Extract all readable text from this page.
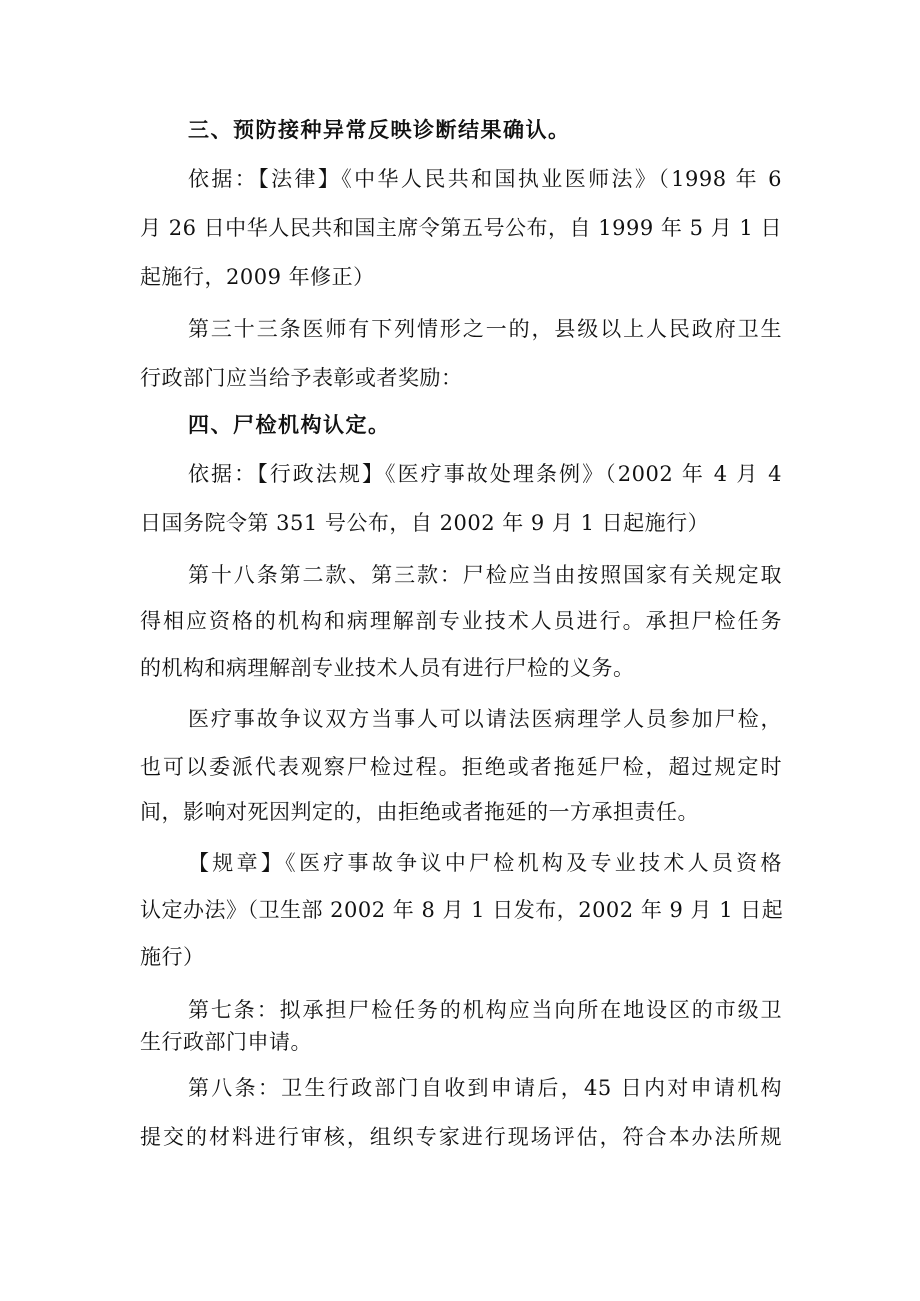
三、预防接种异常反映诊断结果确认。
依据：【法律】《中华人民共和国执业医师法》（1998 年 6
月 26 日中华人民共和国主席令第五号公布，自 1999 年 5 月 1 日
起施行，2009 年修正）
第三十三条医师有下列情形之一的，县级以上人民政府卫生
行政部门应当给予表彰或者奖励：
四、尸检机构认定。
依据：【行政法规】《医疗事故处理条例》（2002 年 4 月 4
日国务院令第 351 号公布，自 2002 年 9 月 1 日起施行）
第十八条第二款、第三款：尸检应当由按照国家有关规定取
得相应资格的机构和病理解剖专业技术人员进行。承担尸检任务
的机构和病理解剖专业技术人员有进行尸检的义务。
医疗事故争议双方当事人可以请法医病理学人员参加尸检，
也可以委派代表观察尸检过程。拒绝或者拖延尸检，超过规定时
间，影响对死因判定的，由拒绝或者拖延的一方承担责任。
【规章】《医疗事故争议中尸检机构及专业技术人员资格
认定办法》（卫生部 2002 年 8 月 1 日发布，2002 年 9 月 1 日起
施行）
第七条：拟承担尸检任务的机构应当向所在地设区的市级卫
生行政部门申请。
第八条：卫生行政部门自收到申请后，45 日内对申请机构
提交的材料进行审核，组织专家进行现场评估，符合本办法所规
